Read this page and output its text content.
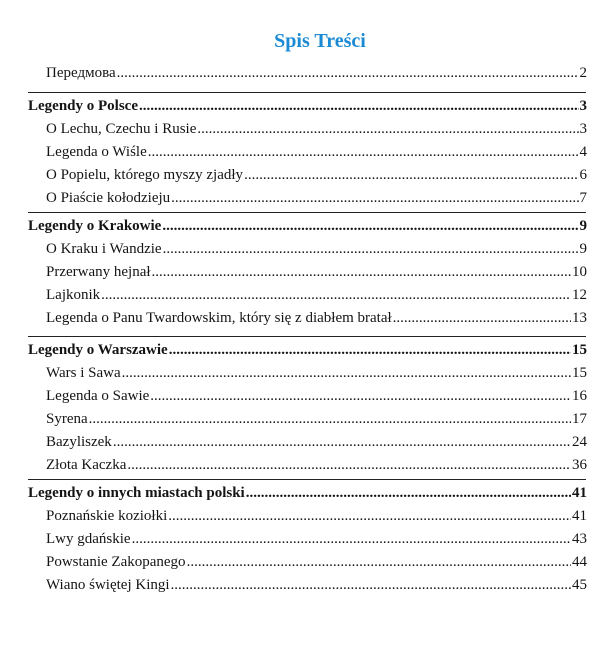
Spis Treści
Передмова .....	2
Legendy o Polsce .....	3
O Lechu, Czechu i Rusie .....	3
Legenda o Wiśle .....	4
O Popielu, którego myszy zjadły .....	6
O Piaście kołodzieju .....	7
Legendy o Krakowie .....	9
O Kraku i Wandzie .....	9
Przerwany hejnał .....	10
Lajkonik .....	12
Legenda o Panu Twardowskim, który się z diabłem bratał .....	13
Legendy o Warszawie .....	15
Wars i Sawa .....	15
Legenda o Sawie .....	16
Syrena .....	17
Bazyliszek .....	24
Złota Kaczka .....	36
Legendy o innych miastach polski .....	41
Poznańskie koziołki .....	41
Lwy gdańskie .....	43
Powstanie Zakopanego .....	44
Wiano świętej Kingi .....	45
